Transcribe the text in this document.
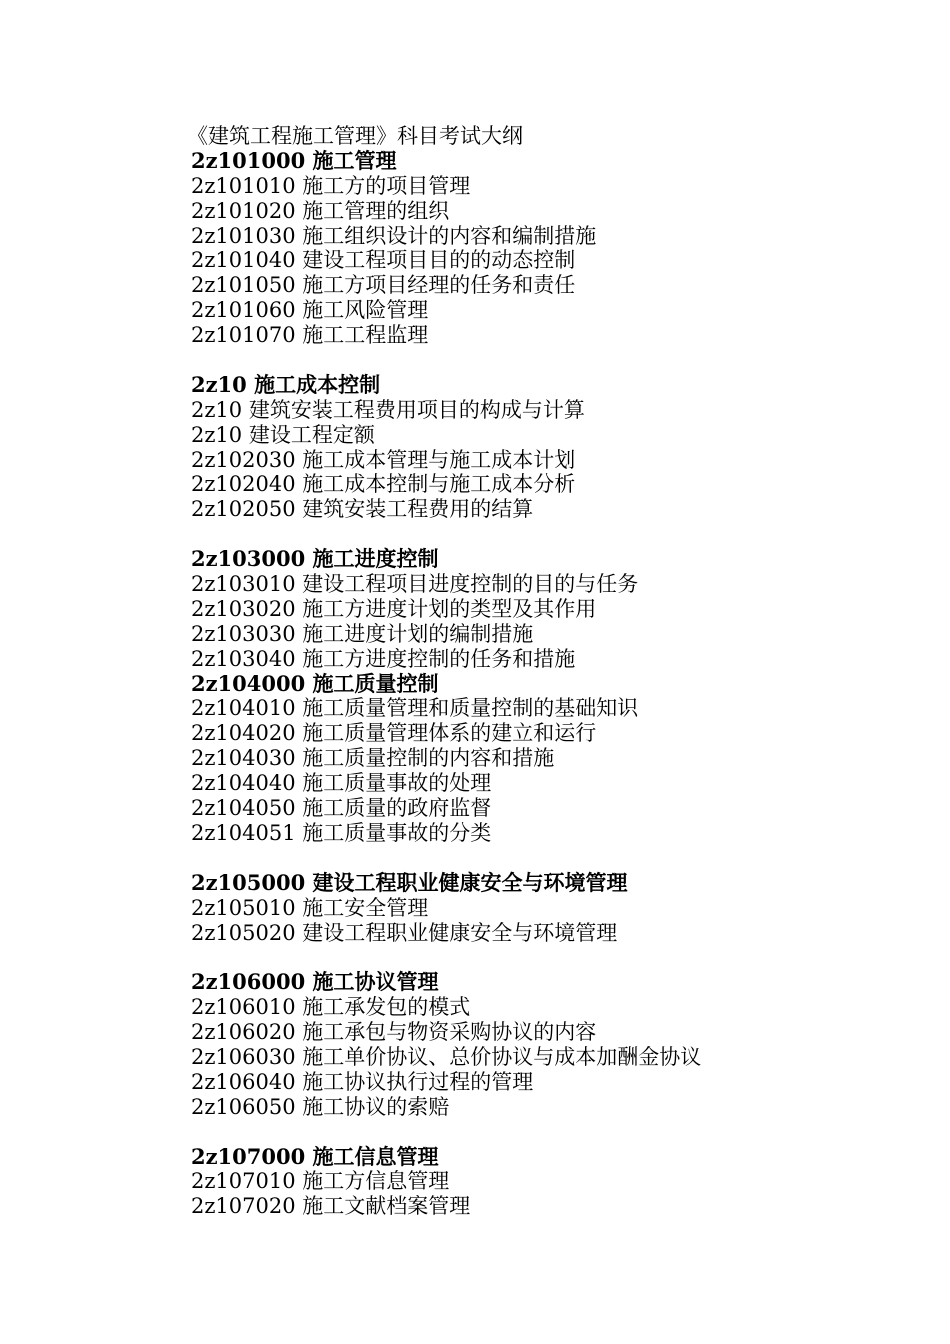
《建筑工程施工管理》科目考试大纲
2z101000 施工管理
2z101010 施工方的项目管理
2z101020 施工管理的组织
2z101030 施工组织设计的内容和编制措施
2z101040 建设工程项目目的的动态控制
2z101050 施工方项目经理的任务和责任
2z101060 施工风险管理
2z101070 施工工程监理
2z10 施工成本控制
2z10 建筑安装工程费用项目的构成与计算
2z10 建设工程定额
2z102030 施工成本管理与施工成本计划
2z102040 施工成本控制与施工成本分析
2z102050 建筑安装工程费用的结算
2z103000 施工进度控制
2z103010 建设工程项目进度控制的目的与任务
2z103020 施工方进度计划的类型及其作用
2z103030 施工进度计划的编制措施
2z103040 施工方进度控制的任务和措施
2z104000 施工质量控制
2z104010 施工质量管理和质量控制的基础知识
2z104020 施工质量管理体系的建立和运行
2z104030 施工质量控制的内容和措施
2z104040 施工质量事故的处理
2z104050 施工质量的政府监督
2z104051 施工质量事故的分类
2z105000 建设工程职业健康安全与环境管理
2z105010 施工安全管理
2z105020 建设工程职业健康安全与环境管理
2z106000 施工协议管理
2z106010 施工承发包的模式
2z106020 施工承包与物资采购协议的内容
2z106030 施工单价协议、总价协议与成本加酬金协议
2z106040 施工协议执行过程的管理
2z106050 施工协议的索赔
2z107000 施工信息管理
2z107010 施工方信息管理
2z107020 施工文献档案管理
